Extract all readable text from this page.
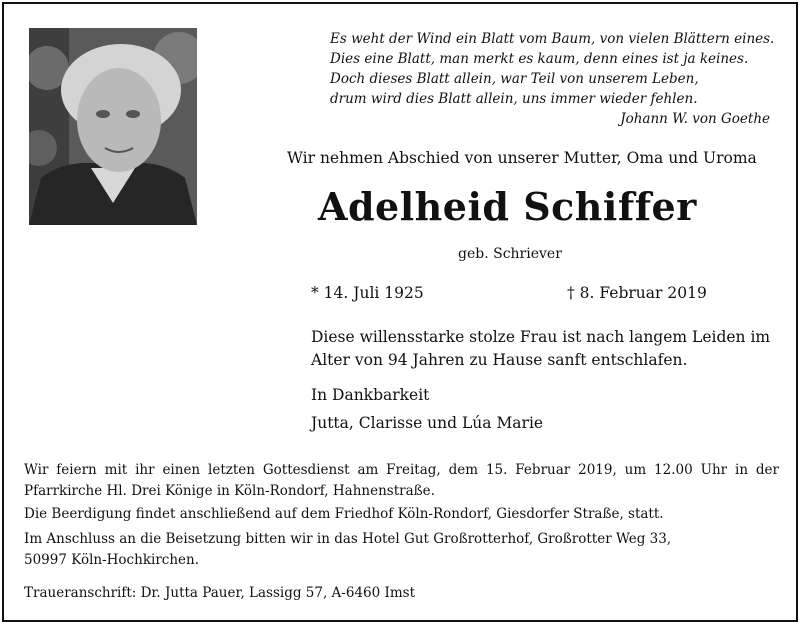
Es weht der Wind ein Blatt vom Baum, von vielen Blättern eines.
Dies eine Blatt, man merkt es kaum, denn eines ist ja keines.
Doch dieses Blatt allein, war Teil von unserem Leben,
drum wird dies Blatt allein, uns immer wieder fehlen.
Johann W. von Goethe
Wir nehmen Abschied von unserer Mutter, Oma und Uroma
Adelheid Schiffer
geb. Schriever
* 14. Juli 1925	† 8. Februar 2019
Diese willensstarke stolze Frau ist nach langem Leiden im
Alter von 94 Jahren zu Hause sanft entschlafen.
In Dankbarkeit
Jutta, Clarisse und Lúa Marie
Wir feiern mit ihr einen letzten Gottesdienst am Freitag, dem 15. Februar 2019, um 12.00 Uhr in der
Pfarrkirche Hl. Drei Könige in Köln-Rondorf, Hahnenstraße.
Die Beerdigung findet anschließend auf dem Friedhof Köln-Rondorf, Giesdorfer Straße, statt.
Im Anschluss an die Beisetzung bitten wir in das Hotel Gut Großrotterhof, Großrotter Weg 33,
50997 Köln-Hochkirchen.
Traueranschrift: Dr. Jutta Pauer, Lassigg 57, A-6460 Imst
